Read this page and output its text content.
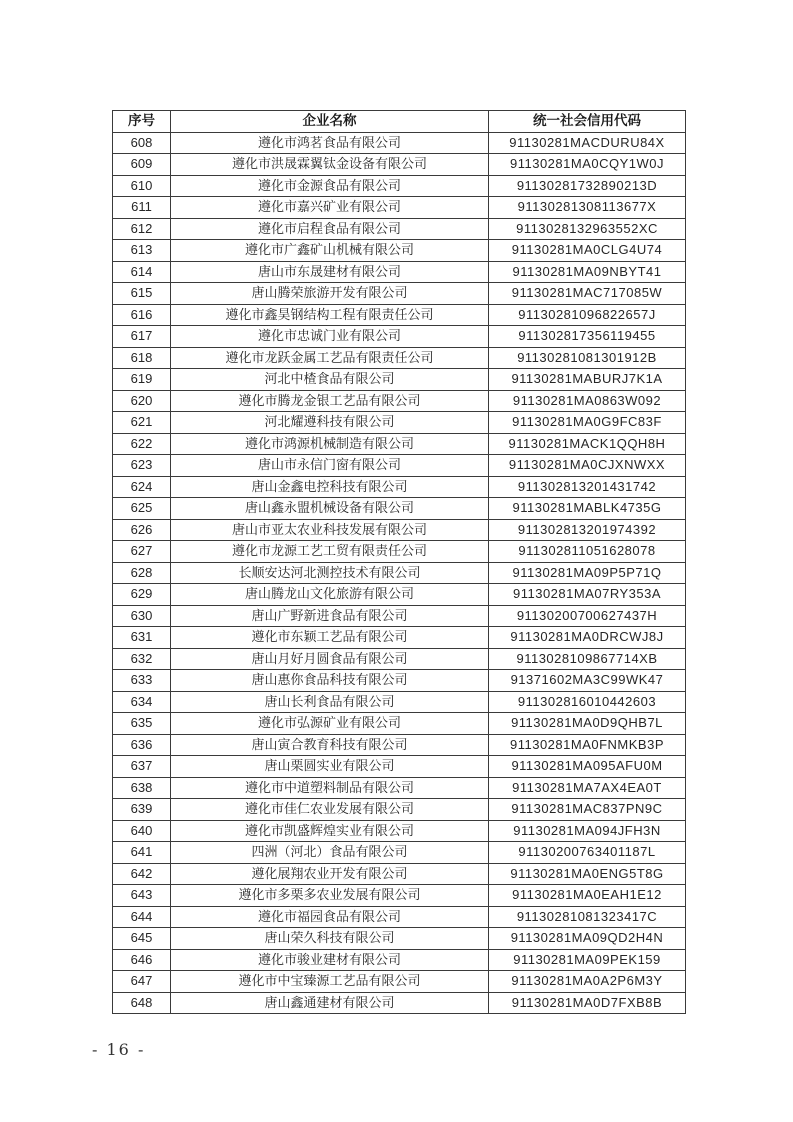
序号	企业名称	统一社会信用代码
608	遵化市鸿茗食品有限公司	91130281MACDURU84X
609	遵化市洪晟霖翼钛金设备有限公司	91130281MA0CQY1W0J
610	遵化市金源食品有限公司	91130281732890213D
611	遵化市嘉兴矿业有限公司	91130281308113677X
612	遵化市启程食品有限公司	9113028132963552XC
613	遵化市广鑫矿山机械有限公司	91130281MA0CLG4U74
614	唐山市东晟建材有限公司	91130281MA09NBYT41
615	唐山腾荣旅游开发有限公司	91130281MAC717085W
616	遵化市鑫昊钢结构工程有限责任公司	91130281096822657J
617	遵化市忠诚门业有限公司	911302817356119455
618	遵化市龙跃金属工艺品有限责任公司	91130281081301912B
619	河北中楂食品有限公司	91130281MABURJ7K1A
620	遵化市腾龙金银工艺品有限公司	91130281MA0863W092
621	河北耀遵科技有限公司	91130281MA0G9FC83F
622	遵化市鸿源机械制造有限公司	91130281MACK1QQH8H
623	唐山市永信门窗有限公司	91130281MA0CJXNWXX
624	唐山金鑫电控科技有限公司	911302813201431742
625	唐山鑫永盟机械设备有限公司	91130281MABLK4735G
626	唐山市亚太农业科技发展有限公司	911302813201974392
627	遵化市龙源工艺工贸有限责任公司	911302811051628078
628	长顺安达河北测控技术有限公司	91130281MA09P5P71Q
629	唐山腾龙山文化旅游有限公司	91130281MA07RY353A
630	唐山广野新进食品有限公司	91130200700627437H
631	遵化市东颖工艺品有限公司	91130281MA0DRCWJ8J
632	唐山月好月圆食品有限公司	9113028109867714XB
633	唐山惠你食品科技有限公司	91371602MA3C99WK47
634	唐山长利食品有限公司	911302816010442603
635	遵化市弘源矿业有限公司	91130281MA0D9QHB7L
636	唐山寅合教育科技有限公司	91130281MA0FNMKB3P
637	唐山栗圆实业有限公司	91130281MA095AFU0M
638	遵化市中道塑料制品有限公司	91130281MA7AX4EA0T
639	遵化市佳仁农业发展有限公司	91130281MAC837PN9C
640	遵化市凯盛辉煌实业有限公司	91130281MA094JFH3N
641	四洲（河北）食品有限公司	91130200763401187L
642	遵化展翔农业开发有限公司	91130281MA0ENG5T8G
643	遵化市多栗多农业发展有限公司	91130281MA0EAH1E12
644	遵化市福园食品有限公司	91130281081323417C
645	唐山荣久科技有限公司	91130281MA09QD2H4N
646	遵化市骏业建材有限公司	91130281MA09PEK159
647	遵化市中宝臻源工艺品有限公司	91130281MA0A2P6M3Y
648	唐山鑫通建材有限公司	91130281MA0D7FXB8B
- 16 -
